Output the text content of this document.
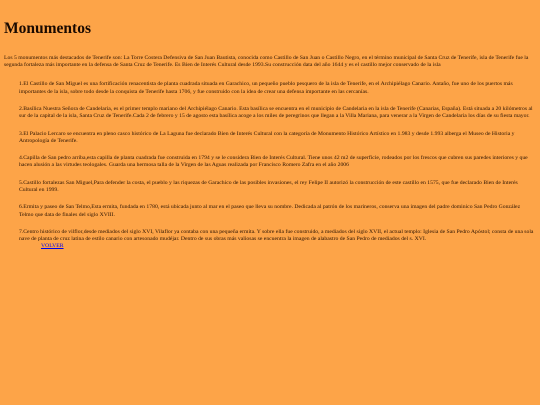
Monumentos

Los 5 monumentos más destacados de Tenerife son: La Torre Costera Defensiva de San Juan Bautista, conocida como Castillo de San Juan o Castillo Negro, en el término municipal de Santa Cruz de Tenerife, isla de Tenerife fue la segunda fortaleza más importante en la defensa de Santa Cruz de Tenerife. Es Bien de Interés Cultural desde 1993.Su construcción data del año 1644 y es el castillo mejor conservado de la isla

1.El Castillo de San Miguel es una fortificación renacentista de planta cuadrada situada en Garachico, un pequeño pueblo pesquero de la isla de Tenerife, en el Archipiélago Canario. Antaño, fue uno de los puertos más importantes de la isla, sobre todo desde la conquista de Tenerife hasta 1706, y fue construido con la idea de crear una defensa importante en las cercanías.
2.Basílica Nuestra Señora de Candelaria, es el primer templo mariano del Archipiélago Canario. Esta basílica se encuentra en el municipio de Candelaria en la isla de Tenerife (Canarias, España). Está situada a 20 kilómetros al sur de la capital de la isla, Santa Cruz de Tenerife.Cada 2 de febrero y 15 de agosto esta basílica acoge a los miles de peregrinos que llegan a la Villa Mariana, para venerar a la Virgen de Candelaria los días de su fiesta mayor.
3.El Palacio Lercaro se encuentra en pleno casco histórico de La Laguna fue declarado Bien de Interés Cultural con la categoría de Monumento Histórico Artístico en 1.983 y desde 1.993 alberga el Museo de Historia y Antropología de Tenerife.
4.Capilla de San pedro arriba,esta capilla de planta cuadrada fue construida en 1794 y se le considera Bien de Interés Cultural. Tiene unos 42 m2 de superficie, rodeados por los frescos que cubren sus paredes interiores y que hacen alusión a las virtudes teologales. Guarda una hermosa talla de la Virgen de las Aguas realizada por Francisco Romero Zafra en el año 2006
5.Castillo fortalezas San Miguel,Para defender la costa, el pueblo y las riquezas de Garachico de las posibles invasiones, el rey Felipe II autorizó la construcción de este castillo en 1575, que fue declarado Bien de Interés Cultural en 1999.
6.Ermita y paseo de San Telmo,Esta ermita, fundada en 1780, está ubicada junto al mar en el paseo que lleva su nombre. Dedicada al patrón de los marineros, conserva una imagen del padre dominico San Pedro González Telmo que data de finales del siglo XVIII.
7.Centro histórico de vilflor,desde mediados del siglo XVI, Vilaflor ya contaba con una pequeña ermita. Y sobre ella fue construido, a mediados del siglo XVII, el actual templo: Iglesia de San Pedro Apóstol; consta de una sola nave de planta de cruz latina de estilo canario con artesonado mudéjar. Dentro de sus obras más valiosas se encuentra la imagen de alabastro de San Pedro de mediados del s. XVI.
VOLVER
